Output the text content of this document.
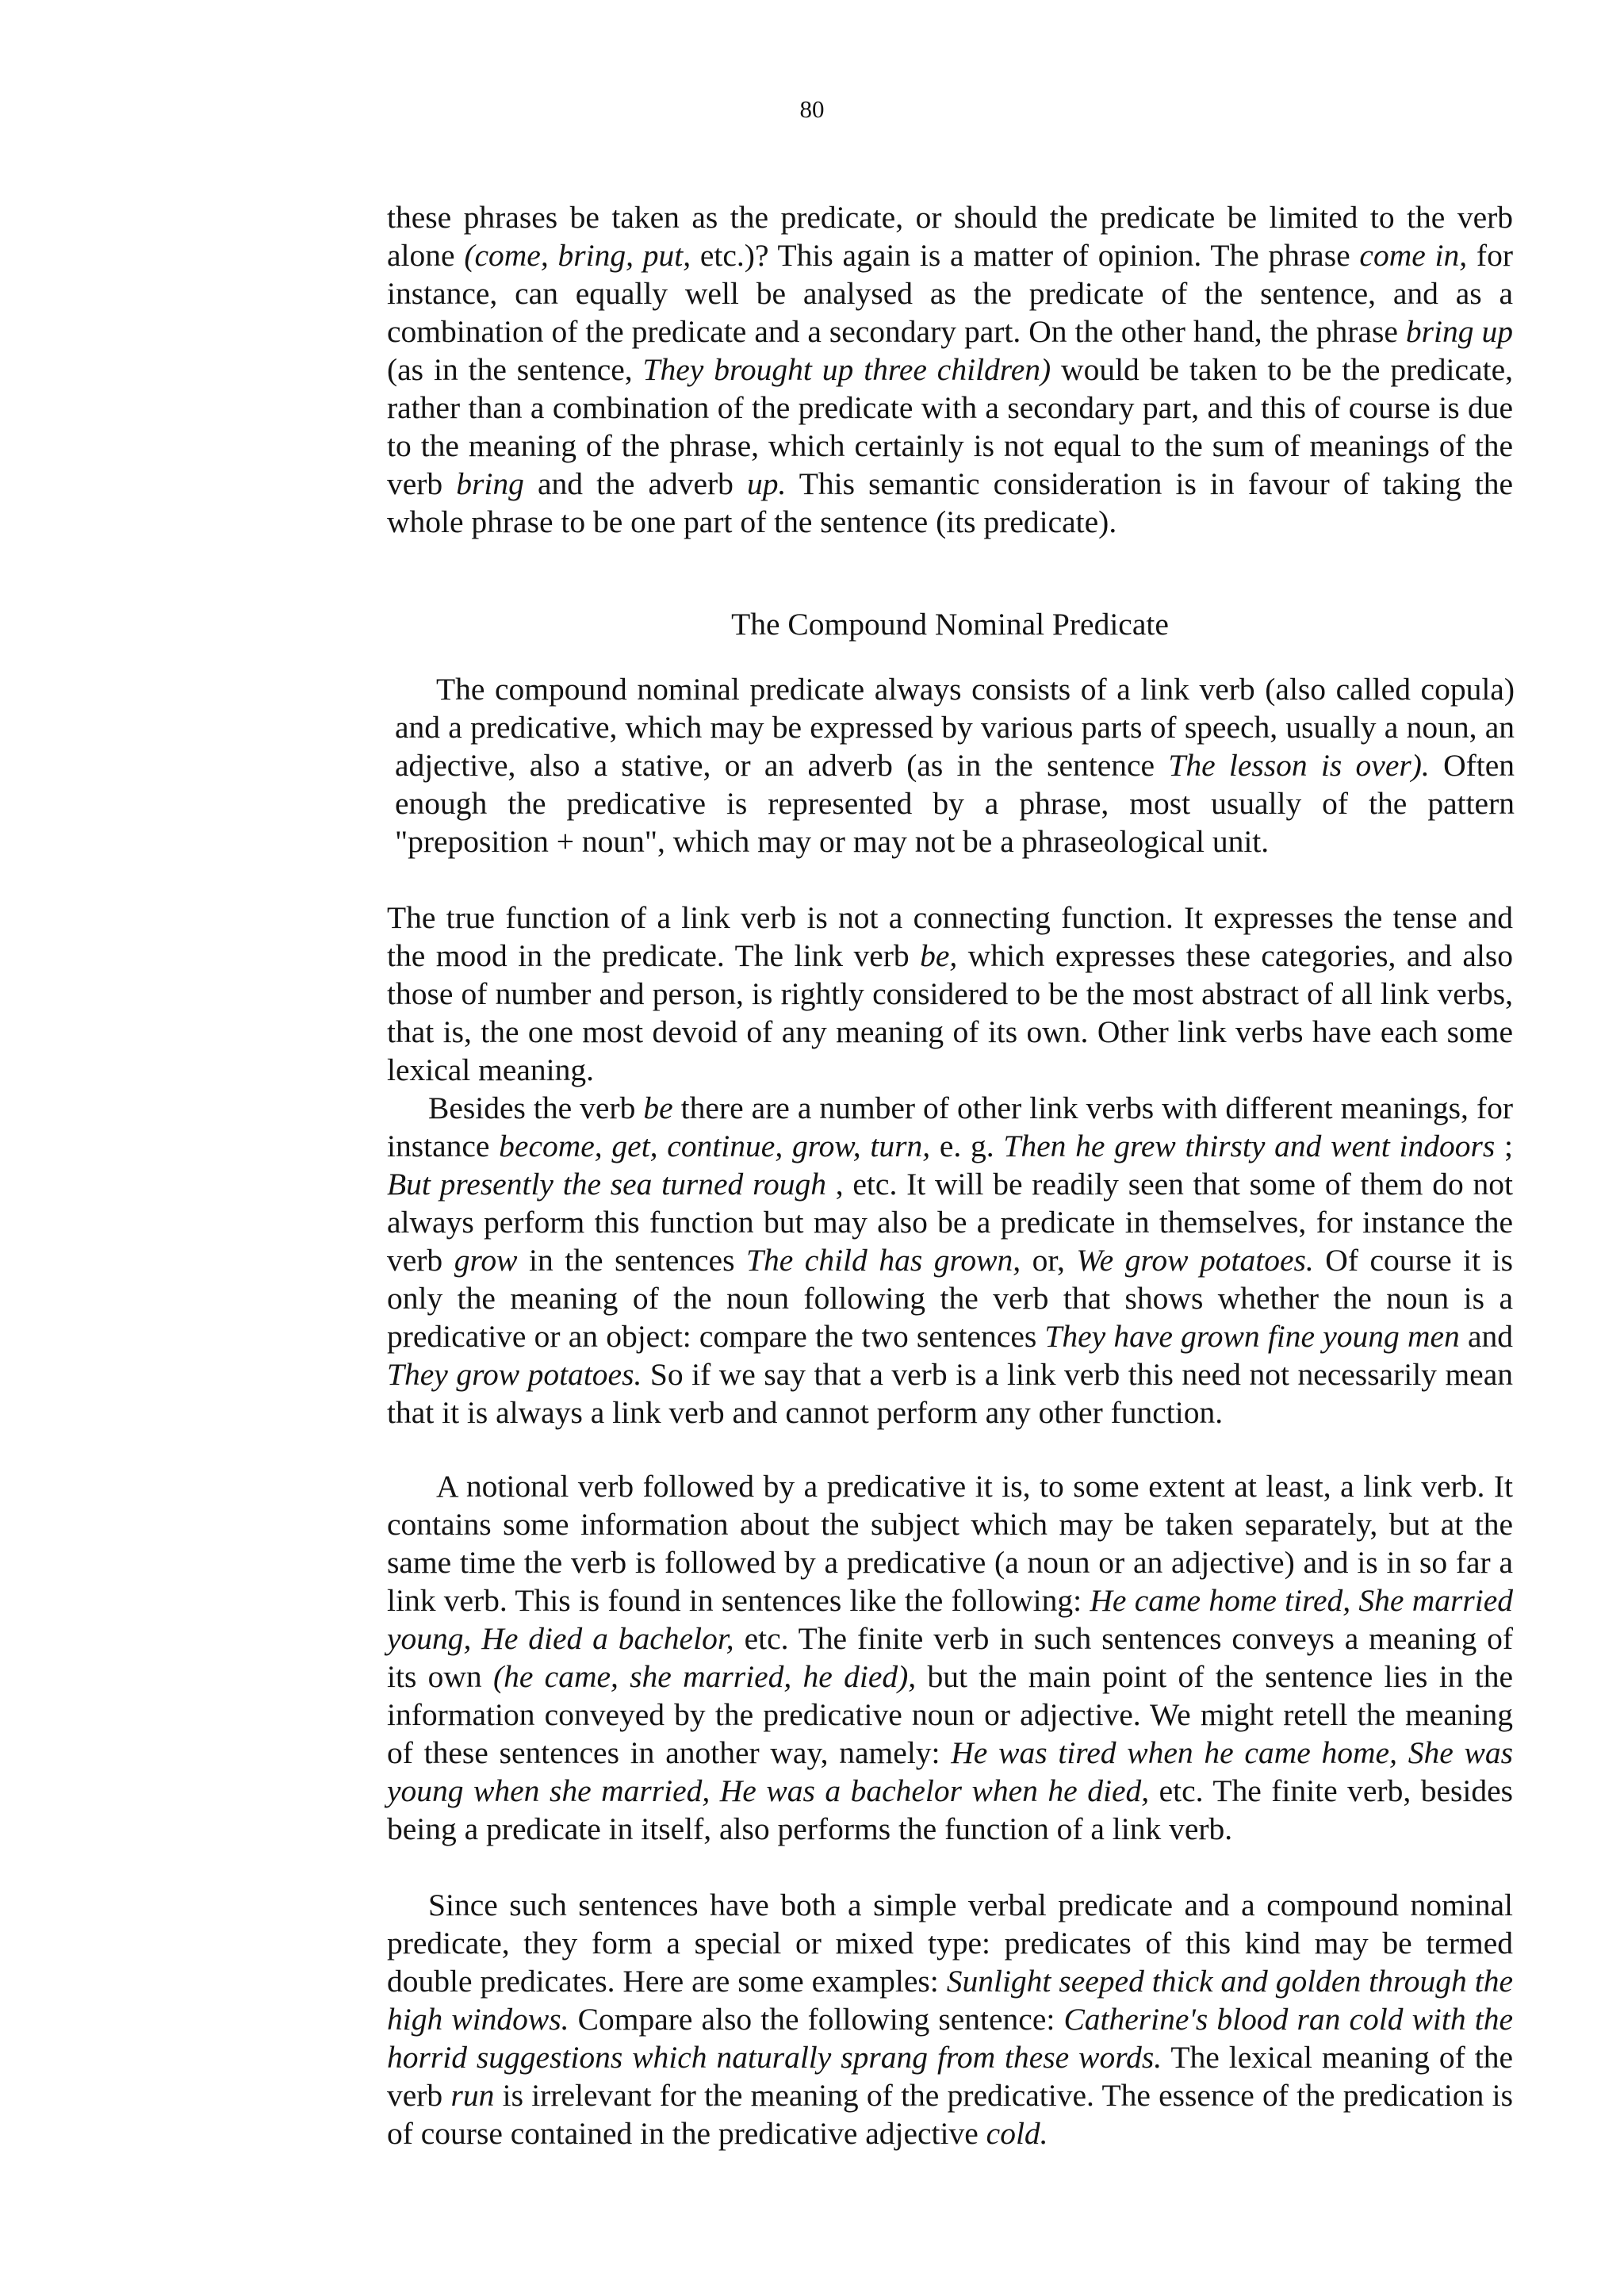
80

these phrases be taken as the predicate, or should the predicate be limited to the verb alone (come, bring, put, etc.)? This again is a matter of opinion. The phrase come in, for instance, can equally well be analysed as the predicate of the sentence, and as a combination of the predicate and a secondary part. On the other hand, the phrase bring up (as in the sentence, They brought up three children) would be taken to be the predicate, rather than a combination of the predicate with a secondary part, and this of course is due to the meaning of the phrase, which certainly is not equal to the sum of meanings of the verb bring and the adverb up. This semantic consideration is in favour of taking the whole phrase to be one part of the sentence (its predicate).

The Compound Nominal Predicate

The compound nominal predicate always consists of a link verb (also called copula) and a predicative, which may be expressed by various parts of speech, usually a noun, an adjective, also a stative, or an adverb (as in the sentence The lesson is over). Often enough the predicative is represented by a phrase, most usually of the pattern "preposition + noun", which may or may not be a phraseological unit.

The true function of a link verb is not a connecting function. It expresses the tense and the mood in the predicate. The link verb be, which expresses these categories, and also those of number and person, is rightly considered to be the most abstract of all link verbs, that is, the one most devoid of any meaning of its own. Other link verbs have each some lexical meaning.

Besides the verb be there are a number of other link verbs with different meanings, for instance become, get, continue, grow, turn, e. g. Then he grew thirsty and went indoors ; But presently the sea turned rough , etc. It will be readily seen that some of them do not always perform this function but may also be a predicate in themselves, for instance the verb grow in the sentences The child has grown, or, We grow potatoes. Of course it is only the meaning of the noun following the verb that shows whether the noun is a predicative or an object: compare the two sentences They have grown fine young men and They grow potatoes. So if we say that a verb is a link verb this need not necessarily mean that it is always a link verb and cannot perform any other function.

A notional verb followed by a predicative it is, to some extent at least, a link verb. It contains some information about the subject which may be taken separately, but at the same time the verb is followed by a predicative (a noun or an adjective) and is in so far a link verb. This is found in sentences like the following: He came home tired, She married young, He died a bachelor, etc. The finite verb in such sentences conveys a meaning of its own (he came, she married, he died), but the main point of the sentence lies in the information conveyed by the predicative noun or adjective. We might retell the meaning of these sentences in another way, namely: He was tired when he came home, She was young when she married, He was a bachelor when he died, etc. The finite verb, besides being a predicate in itself, also performs the function of a link verb.

Since such sentences have both a simple verbal predicate and a compound nominal predicate, they form a special or mixed type: predicates of this kind may be termed double predicates. Here are some examples: Sunlight seeped thick and golden through the high windows. Compare also the following sentence: Catherine's blood ran cold with the horrid suggestions which naturally sprang from these words. The lexical meaning of the verb run is irrelevant for the meaning of the predicative. The essence of the predication is of course contained in the predicative adjective cold.
